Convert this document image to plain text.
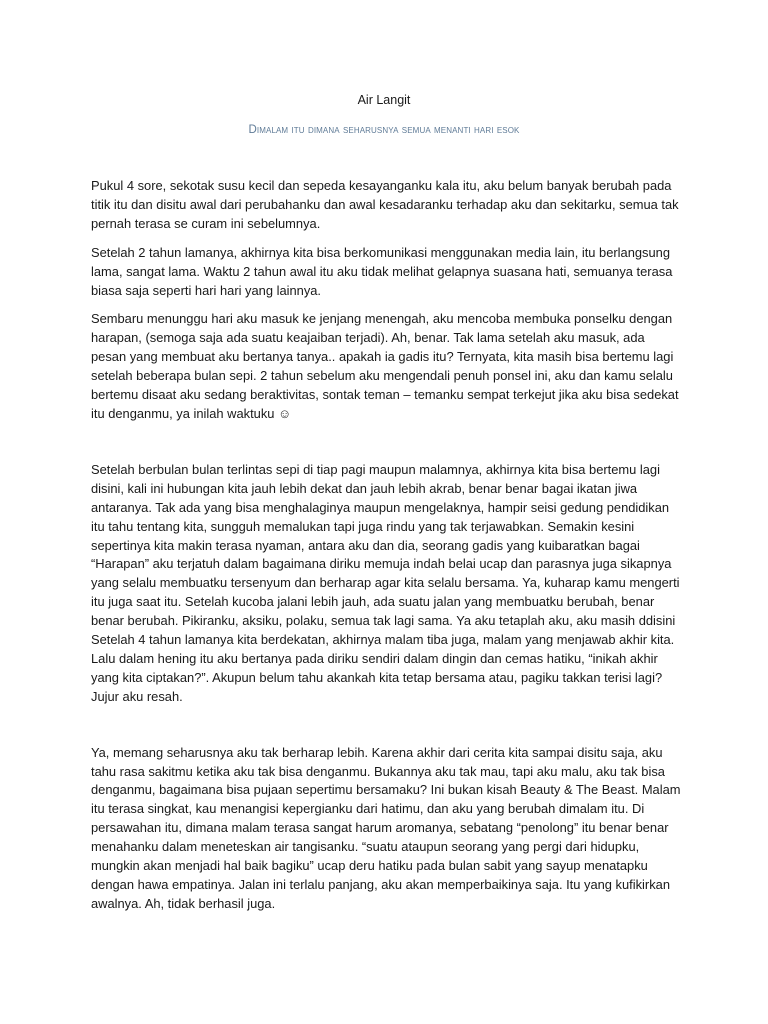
Air Langit
Dimalam itu dimana seharusnya semua menanti hari esok

Pukul 4 sore, sekotak susu kecil dan sepeda kesayanganku kala itu, aku belum banyak berubah pada titik itu dan disitu awal dari perubahanku dan awal kesadaranku terhadap aku dan sekitarku, semua tak pernah terasa se curam ini sebelumnya.

Setelah 2 tahun lamanya, akhirnya kita bisa berkomunikasi menggunakan media lain, itu berlangsung lama, sangat lama. Waktu 2 tahun awal itu aku tidak melihat gelapnya suasana hati, semuanya terasa biasa saja seperti hari hari yang lainnya.

Sembaru menunggu hari aku masuk ke jenjang menengah, aku mencoba membuka ponselku dengan harapan, (semoga saja ada suatu keajaiban terjadi). Ah, benar. Tak lama setelah aku masuk, ada pesan yang membuat aku bertanya tanya.. apakah ia gadis itu? Ternyata, kita masih bisa bertemu lagi setelah beberapa bulan sepi. 2 tahun sebelum aku mengendali penuh ponsel ini, aku dan kamu selalu bertemu disaat aku sedang beraktivitas, sontak teman – temanku sempat terkejut jika aku bisa sedekat itu denganmu, ya inilah waktuku ☺

Setelah berbulan bulan terlintas sepi di tiap pagi maupun malamnya, akhirnya kita bisa bertemu lagi disini, kali ini hubungan kita jauh lebih dekat dan jauh lebih akrab, benar benar bagai ikatan jiwa antaranya. Tak ada yang bisa menghalaginya maupun mengelaknya, hampir seisi gedung pendidikan itu tahu tentang kita, sungguh memalukan tapi juga rindu yang tak terjawabkan. Semakin kesini sepertinya kita makin terasa nyaman, antara aku dan dia, seorang gadis yang kuibaratkan bagai “Harapan” aku terjatuh dalam bagaimana diriku memuja indah belai ucap dan parasnya juga sikapnya yang selalu membuatku tersenyum dan berharap agar kita selalu bersama. Ya, kuharap kamu mengerti itu juga saat itu. Setelah kucoba jalani lebih jauh, ada suatu jalan yang membuatku berubah, benar benar berubah. Pikiranku, aksiku, polaku, semua tak lagi sama. Ya aku tetaplah aku, aku masih ddisini Setelah 4 tahun lamanya kita berdekatan, akhirnya malam tiba juga, malam yang menjawab akhir kita. Lalu dalam hening itu aku bertanya pada diriku sendiri dalam dingin dan cemas hatiku, “inikah akhir yang kita ciptakan?”. Akupun belum tahu akankah kita tetap bersama atau, pagiku takkan terisi lagi? Jujur aku resah.

Ya, memang seharusnya aku tak berharap lebih. Karena akhir dari cerita kita sampai disitu saja, aku tahu rasa sakitmu ketika aku tak bisa denganmu. Bukannya aku tak mau, tapi aku malu, aku tak bisa denganmu, bagaimana bisa pujaan sepertimu bersamaku? Ini bukan kisah Beauty & The Beast. Malam itu terasa singkat, kau menangisi kepergianku dari hatimu, dan aku yang berubah dimalam itu. Di persawahan itu, dimana malam terasa sangat harum aromanya, sebatang “penolong” itu benar benar menahanku dalam meneteskan air tangisanku. “suatu ataupun seorang yang pergi dari hidupku, mungkin akan menjadi hal baik bagiku” ucap deru hatiku pada bulan sabit yang sayup menatapku dengan hawa empatinya. Jalan ini terlalu panjang, aku akan memperbaikinya saja. Itu yang kufikirkan awalnya. Ah, tidak berhasil juga.
